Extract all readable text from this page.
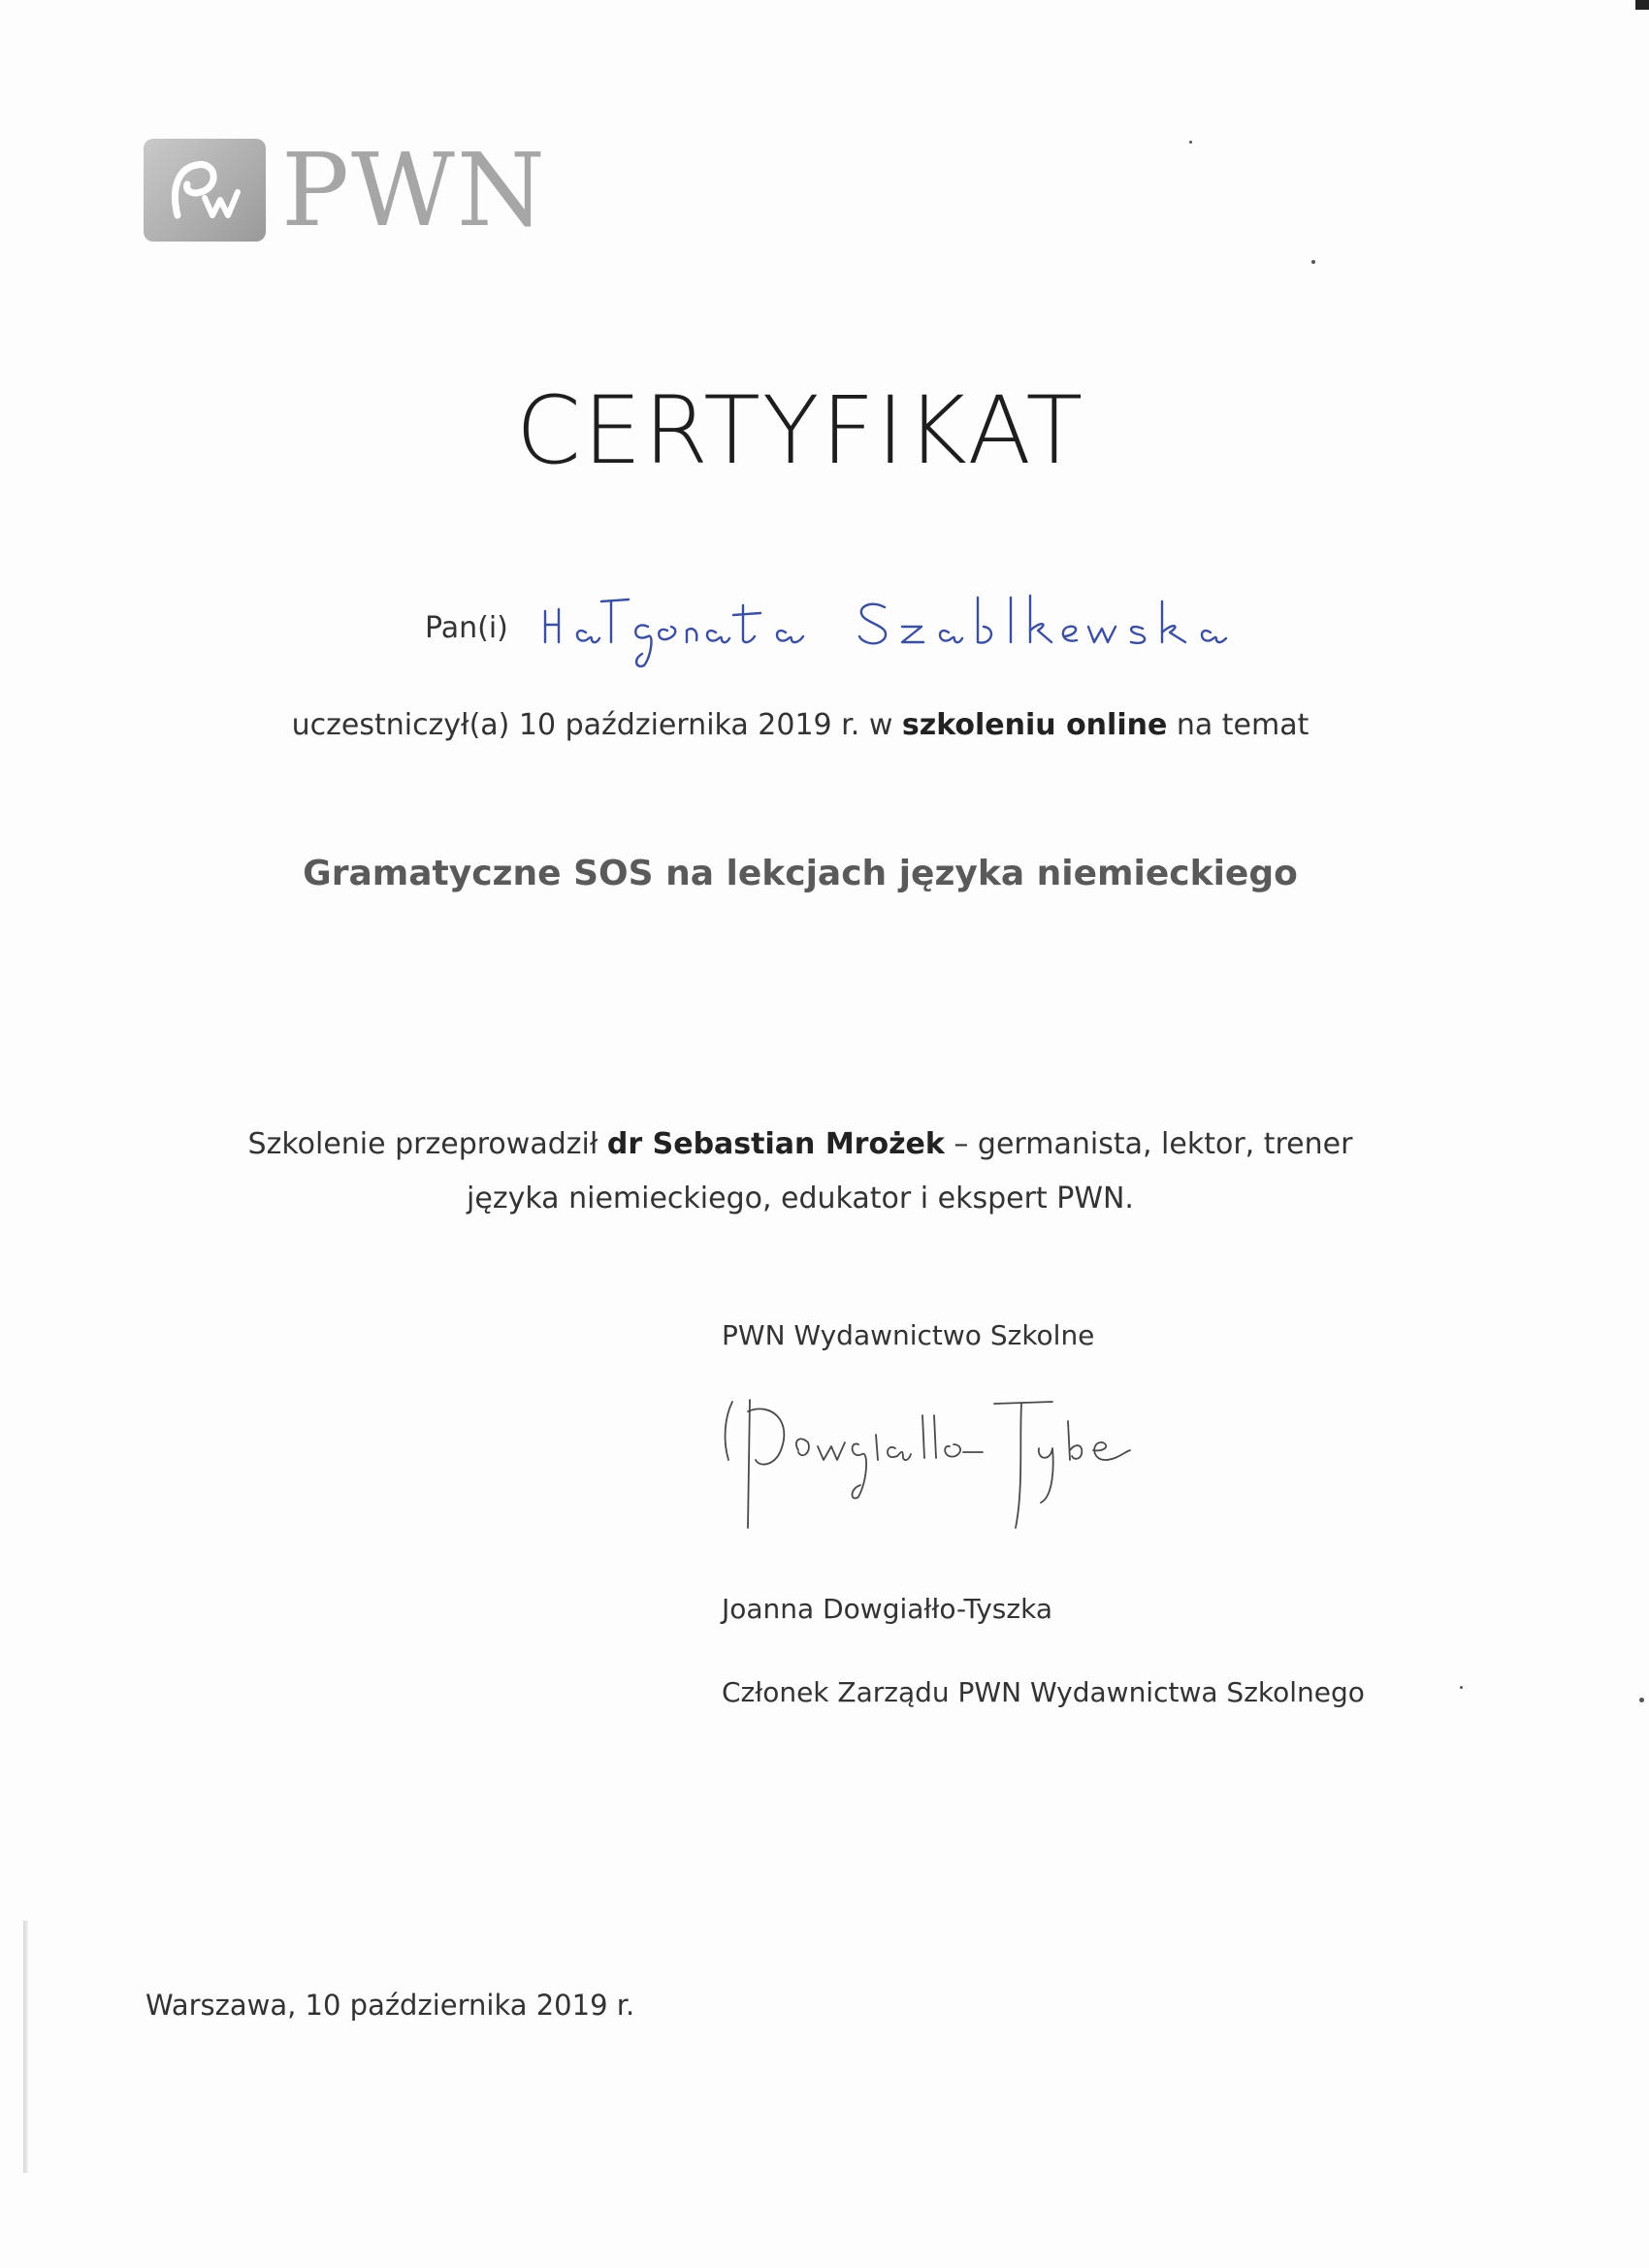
PWN
CERTYFIKAT
Pan(i)
uczestniczył(a) 10 października 2019 r. w szkoleniu online na temat
Gramatyczne SOS na lekcjach języka niemieckiego
Szkolenie przeprowadził dr Sebastian Mrożek – germanista, lektor, trener
języka niemieckiego, edukator i ekspert PWN.
PWN Wydawnictwo Szkolne
Joanna Dowgiałło-Tyszka
Członek Zarządu PWN Wydawnictwa Szkolnego
Warszawa, 10 października 2019 r.
